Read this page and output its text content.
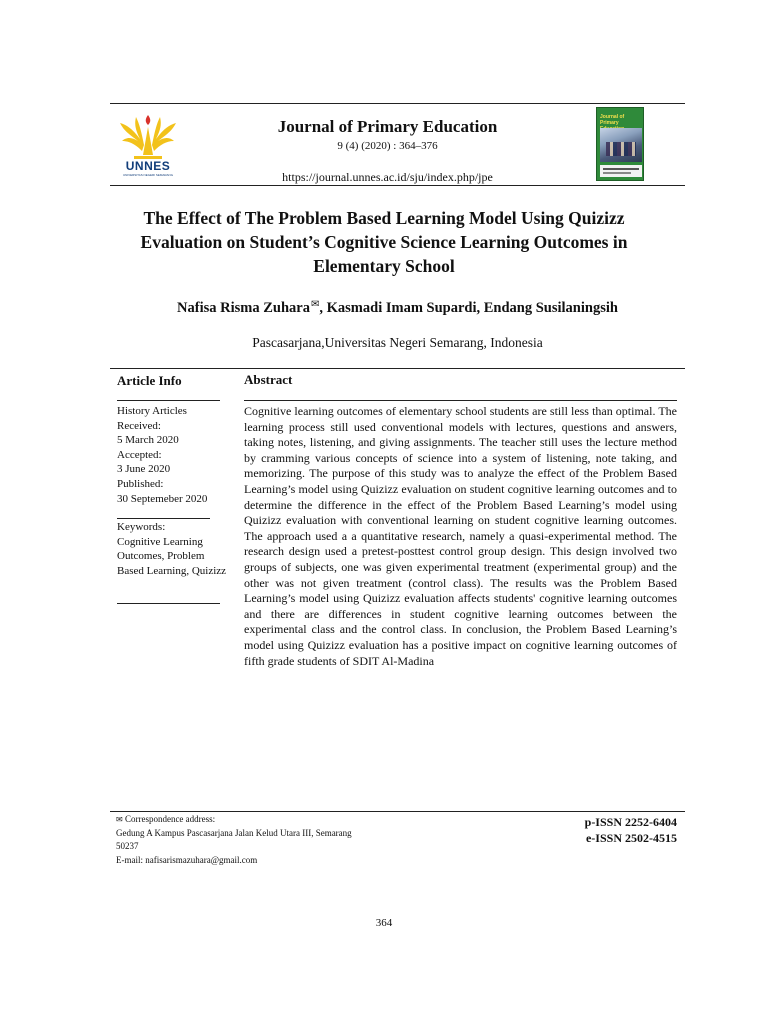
UNNES
UNIVERSITAS NEGERI SEMARANG
Journal of Primary Education
9 (4) (2020) : 364–376
https://journal.unnes.ac.id/sju/index.php/jpe
Journal of Primary
The Effect of The Problem Based Learning Model Using Quizizz Evaluation on Student’s Cognitive Science Learning Outcomes in Elementary School
Nafisa Risma Zuhara✉, Kasmadi Imam Supardi, Endang Susilaningsih
Pascasarjana,Universitas Negeri Semarang, Indonesia
Article Info	Abstract
History Articles
Received:
5 March 2020
Accepted:
3 June 2020
Published:
30 Septemeber 2020
Keywords:
Cognitive Learning Outcomes, Problem Based Learning, Quizizz
Cognitive learning outcomes of elementary school students are still less than optimal. The learning process still used conventional models with lectures, questions and answers, taking notes, listening, and giving assignments. The teacher still uses the lecture method by cramming various concepts of science into a system of listening, note taking, and memorizing. The purpose of this study was to analyze the effect of the Problem Based Learning’s model using Quizizz evaluation on student cognitive learning outcomes and to determine the difference in the effect of the Problem Based Learning’s model using Quizizz evaluation with conventional learning on student cognitive learning outcomes. The approach used a a quantitative research, namely a quasi-experimental method. The research design used a pretest-posttest control group design. This design involved two groups of subjects, one was given experimental treatment (experimental group) and the other was not given treatment (control class). The results was the Problem Based Learning’s model using Quizizz evaluation affects students' cognitive learning outcomes and there are differences in student cognitive learning outcomes between the experimental class and the control class. In conclusion, the Problem Based Learning’s model using Quizizz evaluation has a positive impact on cognitive learning outcomes of fifth grade students of SDIT Al-Madina
✉ Correspondence address:
Gedung A Kampus Pascasarjana Jalan Kelud Utara III, Semarang
50237
E-mail: nafisarismazuhara@gmail.com
p-ISSN 2252-6404
e-ISSN 2502-4515
364
